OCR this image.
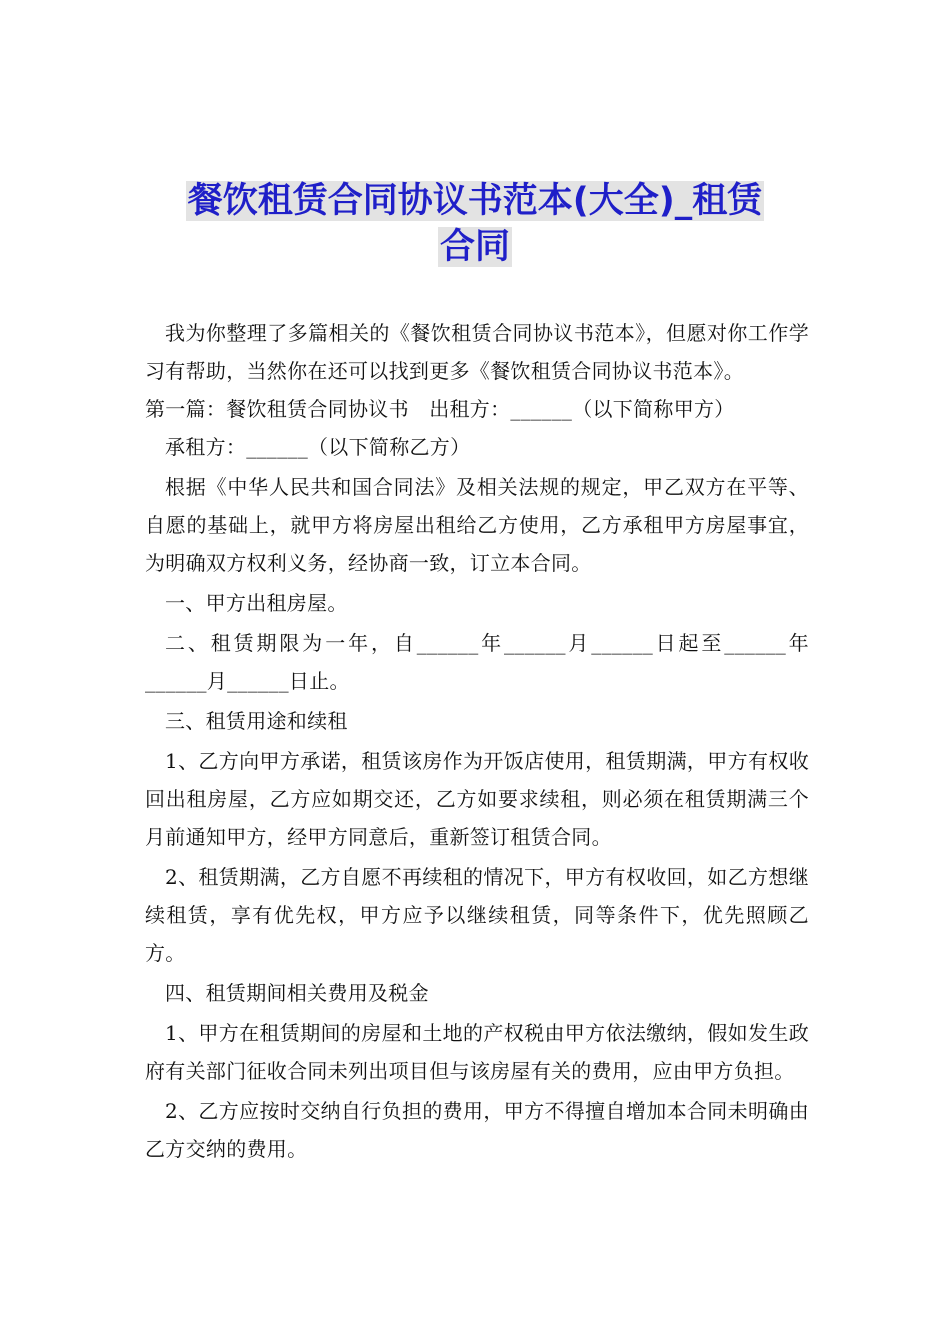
餐饮租赁合同协议书范本(大全)_租赁
合同

我为你整理了多篇相关的《餐饮租赁合同协议书范本》，但愿对你工作学习有帮助，当然你在还可以找到更多《餐饮租赁合同协议书范本》。

第一篇：餐饮租赁合同协议书　出租方：______（以下简称甲方）

承租方：______（以下简称乙方）

根据《中华人民共和国合同法》及相关法规的规定，甲乙双方在平等、自愿的基础上，就甲方将房屋出租给乙方使用，乙方承租甲方房屋事宜，为明确双方权利义务，经协商一致，订立本合同。

一、甲方出租房屋。

二、租赁期限为一年，自______年______月______日起至______年______月______日止。

三、租赁用途和续租

1、乙方向甲方承诺，租赁该房作为开饭店使用，租赁期满，甲方有权收回出租房屋，乙方应如期交还，乙方如要求续租，则必须在租赁期满三个月前通知甲方，经甲方同意后，重新签订租赁合同。

2、租赁期满，乙方自愿不再续租的情况下，甲方有权收回，如乙方想继续租赁，享有优先权，甲方应予以继续租赁，同等条件下，优先照顾乙方。

四、租赁期间相关费用及税金

1、甲方在租赁期间的房屋和土地的产权税由甲方依法缴纳，假如发生政府有关部门征收合同未列出项目但与该房屋有关的费用，应由甲方负担。

2、乙方应按时交纳自行负担的费用，甲方不得擅自增加本合同未明确由乙方交纳的费用。
